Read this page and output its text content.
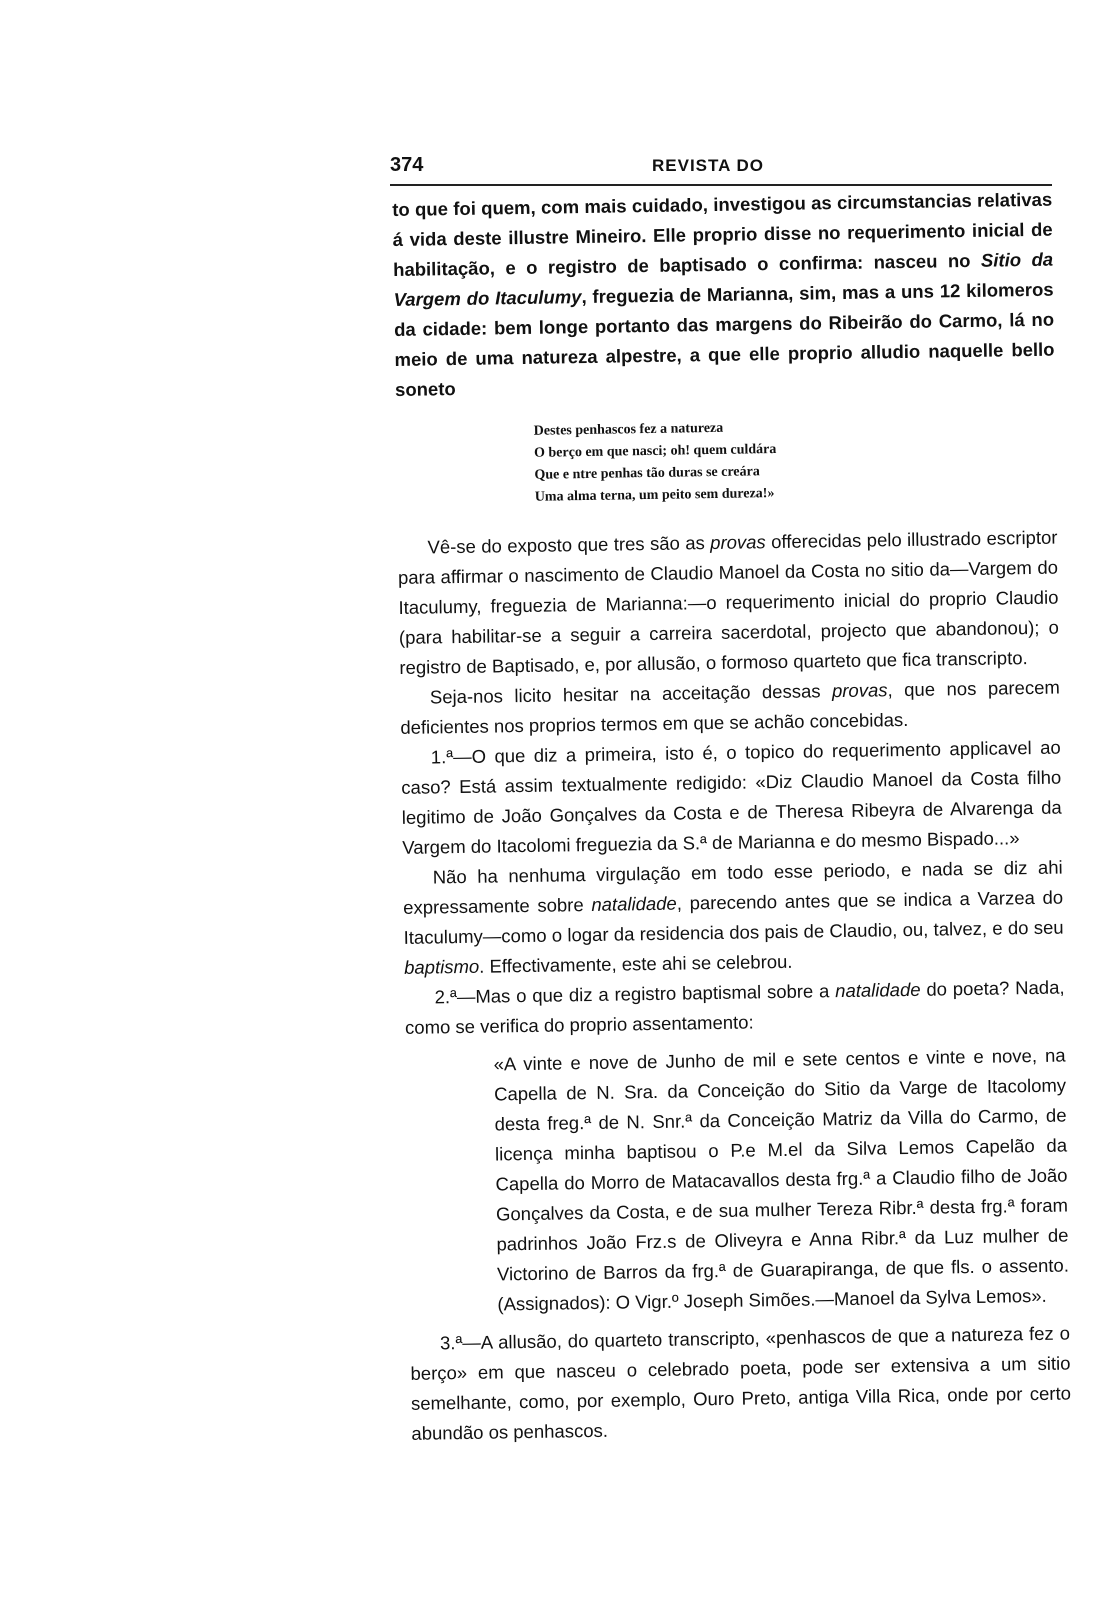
374	REVISTA DO

to que foi quem, com mais cuidado, investigou as circumstancias relativas á vida deste illustre Mineiro. Elle proprio disse no requerimento inicial de habilitação, e o registro de baptisado o confirma: nasceu no Sitio da Vargem do Itaculumy, freguezia de Marianna, sim, mas a uns 12 kilomeros da cidade: bem longe portanto das margens do Ribeirão do Carmo, lá no meio de uma natureza alpestre, a que elle proprio alludio naquelle bello soneto

Destes penhascos fez a natureza
O berço em que nasci; oh! quem culdára
Que e ntre penhas tão duras se creára
Uma alma terna, um peito sem dureza!»

Vê-se do exposto que tres são as provas offerecidas pelo illustrado escriptor para affirmar o nascimento de Claudio Manoel da Costa no sitio da—Vargem do Itaculumy, freguezia de Marianna:—o requerimento inicial do proprio Claudio (para habilitar-se a seguir a carreira sacerdotal, projecto que abandonou); o registro de Baptisado, e, por allusão, o formoso quarteto que fica transcripto.

Seja-nos licito hesitar na acceitação dessas provas, que nos parecem deficientes nos proprios termos em que se achão concebidas.

1.ª—O que diz a primeira, isto é, o topico do requerimento applicavel ao caso? Está assim textualmente redigido: «Diz Claudio Manoel da Costa filho legitimo de João Gonçalves da Costa e de Theresa Ribeyra de Alvarenga da Vargem do Itacolomi freguezia da S.ª de Marianna e do mesmo Bispado...»

Não ha nenhuma virgulação em todo esse periodo, e nada se diz ahi expressamente sobre natalidade, parecendo antes que se indica a Varzea do Itaculumy—como o logar da residencia dos pais de Claudio, ou, talvez, e do seu baptismo. Effectivamente, este ahi se celebrou.

2.ª—Mas o que diz a registro baptismal sobre a natalidade do poeta? Nada, como se verifica do proprio assentamento:

«A vinte e nove de Junho de mil e sete centos e vinte e nove, na Capella de N. Sra. da Conceição do Sitio da Varge de Itacolomy desta freg.ª de N. Snr.ª da Conceição Matriz da Villa do Carmo, de licença minha baptisou o P.e M.el da Silva Lemos Capelão da Capella do Morro de Matacavallos desta frg.ª a Claudio filho de João Gonçalves da Costa, e de sua mulher Tereza Ribr.ª desta frg.ª foram padrinhos João Frz.s de Oliveyra e Anna Ribr.ª da Luz mulher de Victorino de Barros da frg.ª de Guarapiranga, de que fls. o assento. (Assignados): O Vigr.º Joseph Simões.—Manoel da Sylva Lemos».

3.ª—A allusão, do quarteto transcripto, «penhascos de que a natureza fez o berço» em que nasceu o celebrado poeta, pode ser extensiva a um sitio semelhante, como, por exemplo, Ouro Preto, antiga Villa Rica, onde por certo abundão os penhascos.
